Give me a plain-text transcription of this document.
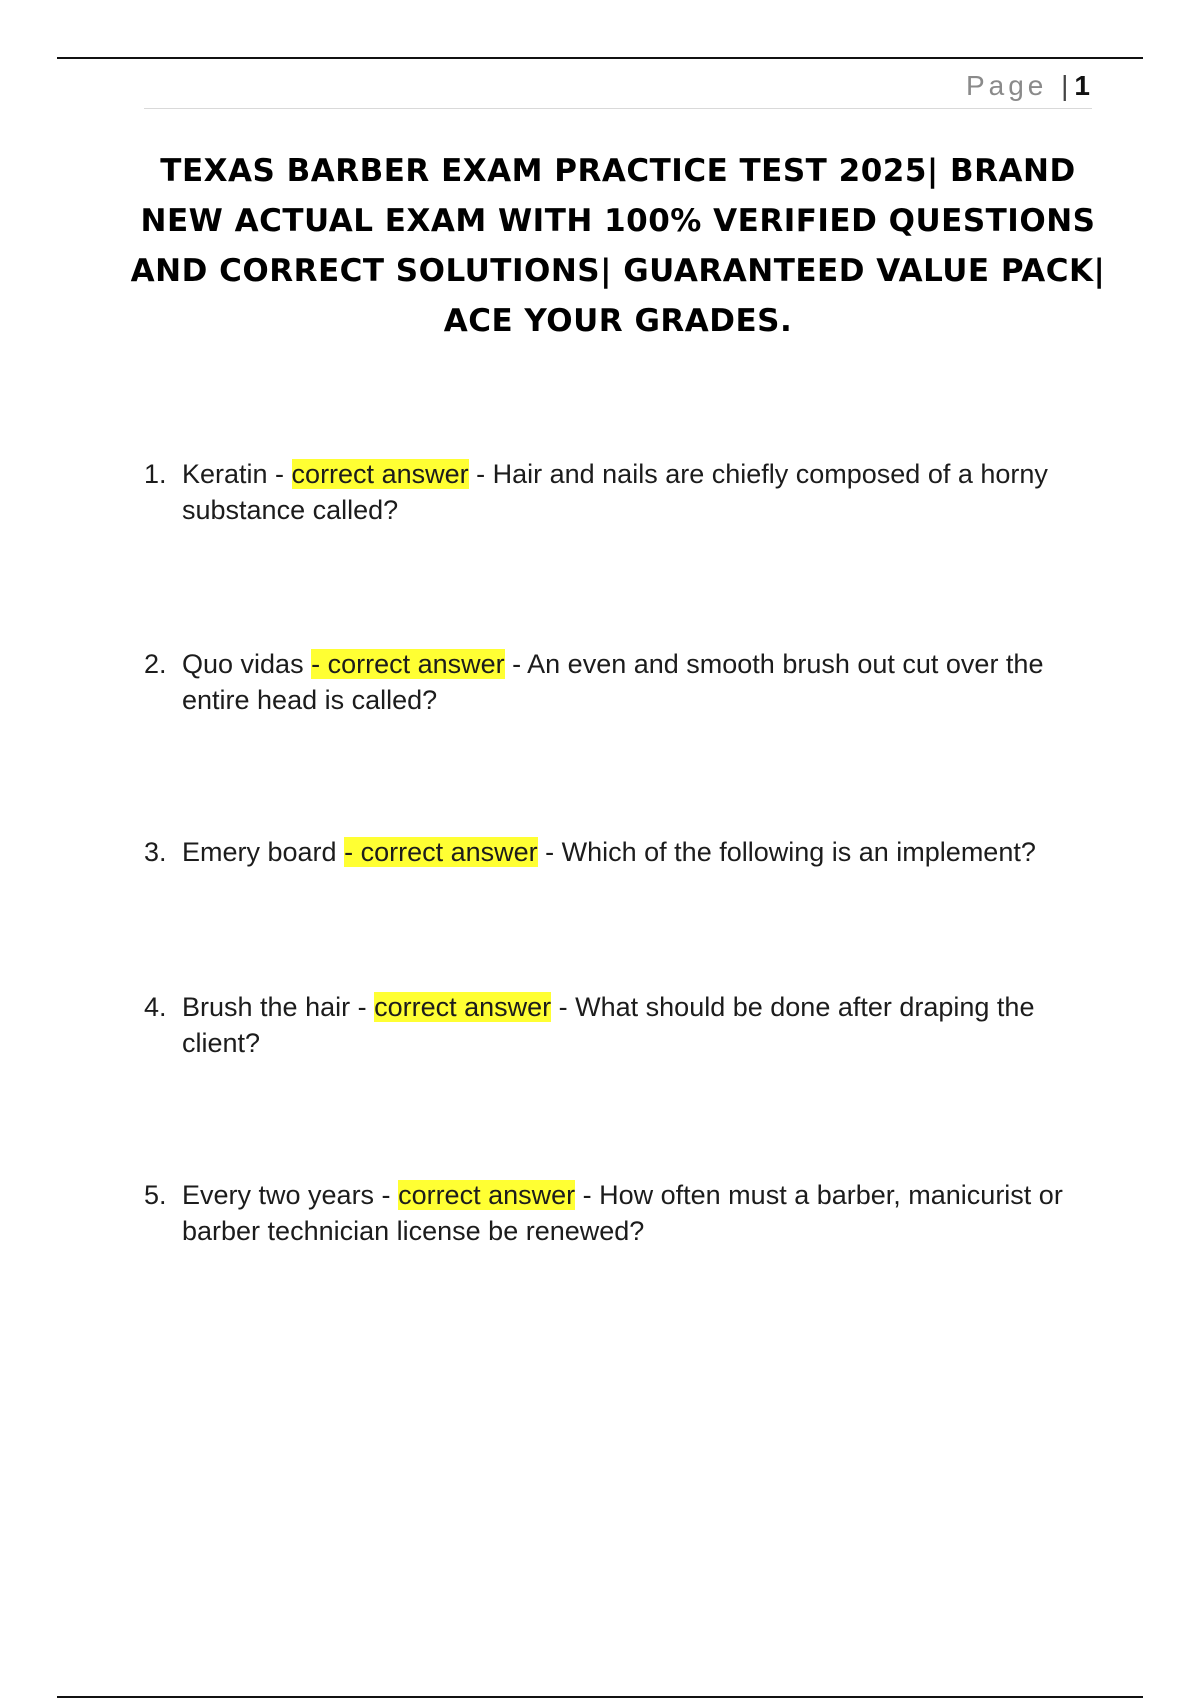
Page | 1
TEXAS BARBER EXAM PRACTICE TEST 2025| BRAND NEW ACTUAL EXAM WITH 100% VERIFIED QUESTIONS AND CORRECT SOLUTIONS| GUARANTEED VALUE PACK| ACE YOUR GRADES.
1. Keratin - correct answer - Hair and nails are chiefly composed of a horny substance called?
2. Quo vidas - correct answer - An even and smooth brush out cut over the entire head is called?
3. Emery board - correct answer - Which of the following is an implement?
4. Brush the hair - correct answer - What should be done after draping the client?
5. Every two years - correct answer - How often must a barber, manicurist or barber technician license be renewed?
